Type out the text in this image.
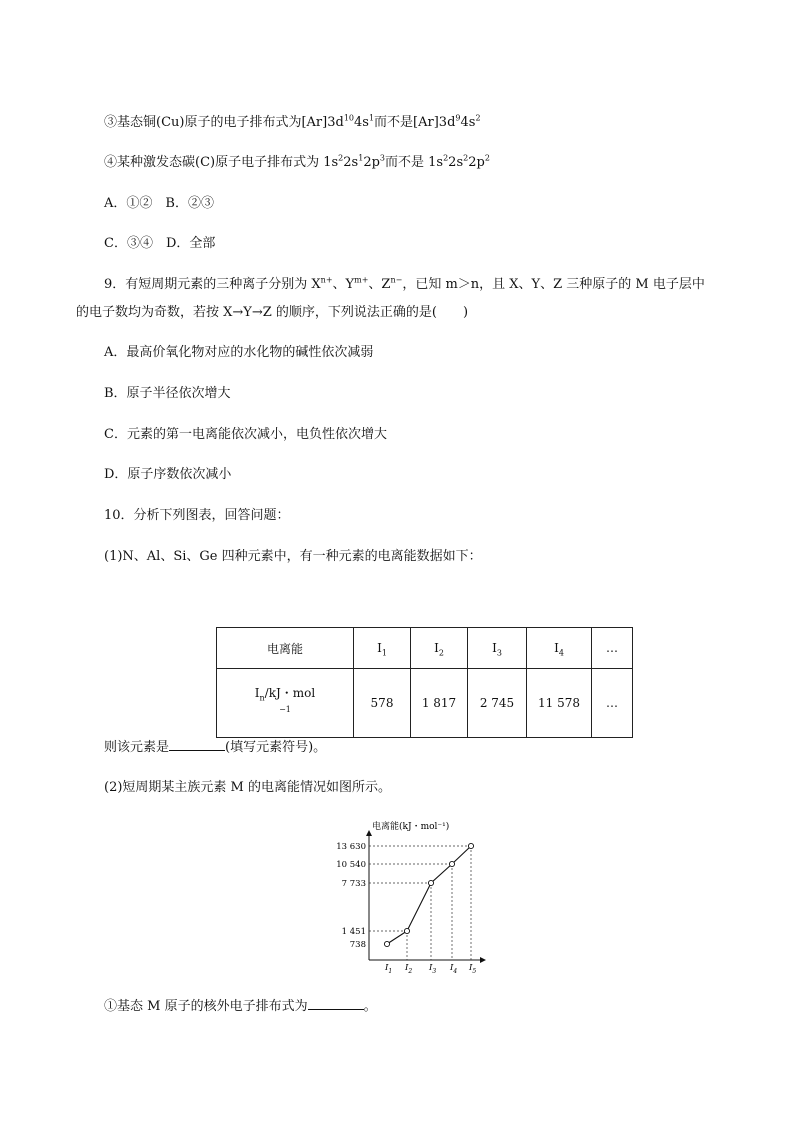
③基态铜(Cu)原子的电子排布式为$[Ar]3d^{10}4s^1$而不是$[Ar]3d^94s^2$
④某种激发态碳(C)原子电子排布式为 $1s^22s^12p^3$而不是 $1s^22s^22p^2$
A．①②　B．②③
C．③④　D．全部
9．有短周期元素的三种离子分别为 $X^{n+}$、$Y^{m+}$、$Z^{n-}$，已知 m＞n，且 X、Y、Z 三种原子的 M 电子层中
的电子数均为奇数，若按 X→Y→Z 的顺序，下列说法正确的是(　　)
A．最高价氧化物对应的水化物的碱性依次减弱
B．原子半径依次增大
C．元素的第一电离能依次减小，电负性依次增大
D．原子序数依次减小
10．分析下列图表，回答问题：
(1)N、Al、Si、Ge 四种元素中，有一种元素的电离能数据如下：
电离能	$I_1$	$I_2$	$I_3$	$I_4$	…
$I_n/kJ$・mol
$^{-1}$	578	1 817	2 745	11 578	…
则该元素是	(填写元素符号)。
(2)短周期某主族元素 M 的电离能情况如图所示。
电离能(kJ・mol⁻¹)
738
1 451
7 733
10 540
13 630
$I_1$ $I_2$ $I_3$ $I_4$ $I_5$
①基态 M 原子的核外电子排布式为	。
